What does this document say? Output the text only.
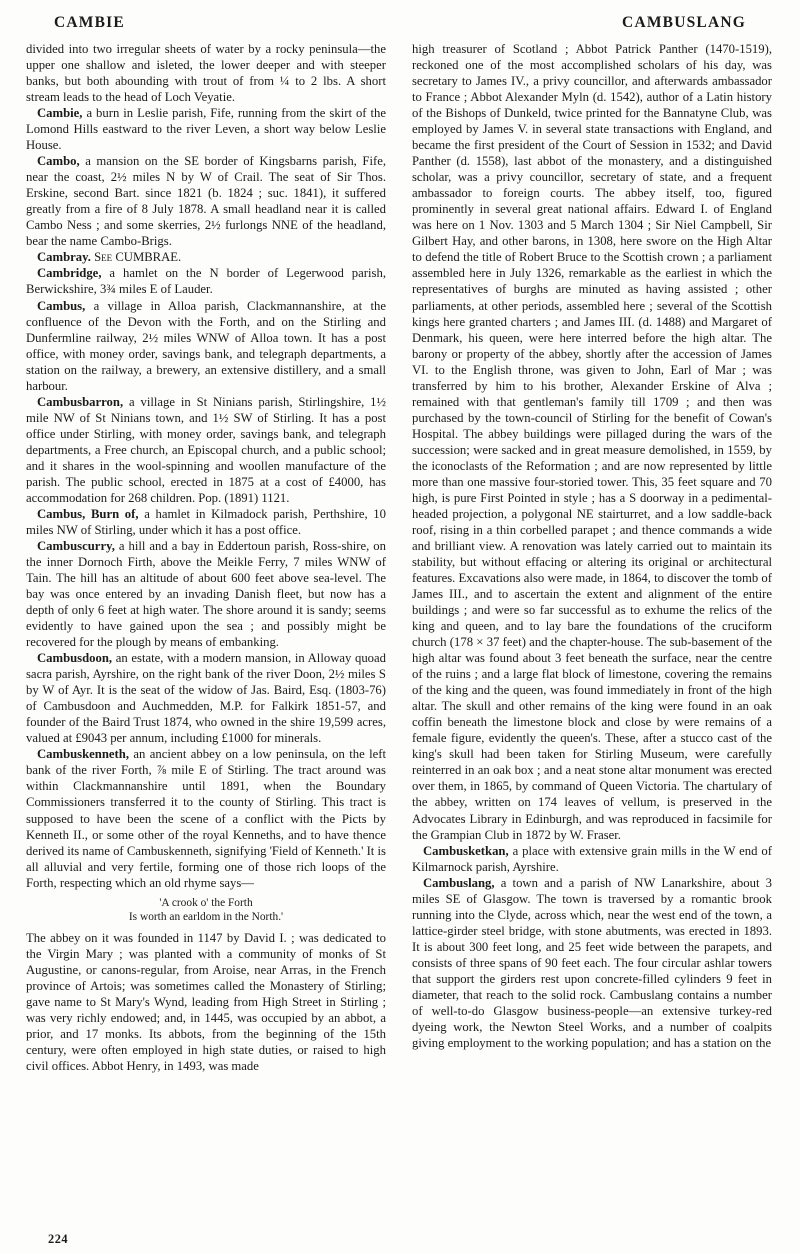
CAMBIE	CAMBUSLANG

divided into two irregular sheets of water by a rocky peninsula—the upper one shallow and isleted, the lower deeper and with steeper banks, but both abounding with trout of from ¼ to 2 lbs. A short stream leads to the head of Loch Veyatie.

Cambie, a burn in Leslie parish, Fife, running from the skirt of the Lomond Hills eastward to the river Leven, a short way below Leslie House.

Cambo, a mansion on the SE border of Kingsbarns parish, Fife, near the coast, 2½ miles N by W of Crail. The seat of Sir Thos. Erskine, second Bart. since 1821 (b. 1824 ; suc. 1841), it suffered greatly from a fire of 8 July 1878. A small headland near it is called Cambo Ness ; and some skerries, 2½ furlongs NNE of the headland, bear the name Cambo-Brigs.

Cambray. See CUMBRAE.

Cambridge, a hamlet on the N border of Legerwood parish, Berwickshire, 3¾ miles E of Lauder.

Cambus, a village in Alloa parish, Clackmannanshire, at the confluence of the Devon with the Forth, and on the Stirling and Dunfermline railway, 2½ miles WNW of Alloa town. It has a post office, with money order, savings bank, and telegraph departments, a station on the railway, a brewery, an extensive distillery, and a small harbour.

Cambusbarron, a village in St Ninians parish, Stirlingshire, 1½ mile NW of St Ninians town, and 1½ SW of Stirling. It has a post office under Stirling, with money order, savings bank, and telegraph departments, a Free church, an Episcopal church, and a public school; and it shares in the wool-spinning and woollen manufacture of the parish. The public school, erected in 1875 at a cost of £4000, has accommodation for 268 children. Pop. (1891) 1121.

Cambus, Burn of, a hamlet in Kilmadock parish, Perthshire, 10 miles NW of Stirling, under which it has a post office.

Cambuscurry, a hill and a bay in Eddertoun parish, Ross-shire, on the inner Dornoch Firth, above the Meikle Ferry, 7 miles WNW of Tain. The hill has an altitude of about 600 feet above sea-level. The bay was once entered by an invading Danish fleet, but now has a depth of only 6 feet at high water. The shore around it is sandy; seems evidently to have gained upon the sea ; and possibly might be recovered for the plough by means of embanking.

Cambusdoon, an estate, with a modern mansion, in Alloway quoad sacra parish, Ayrshire, on the right bank of the river Doon, 2½ miles S by W of Ayr. It is the seat of the widow of Jas. Baird, Esq. (1803-76) of Cambusdoon and Auchmedden, M.P. for Falkirk 1851-57, and founder of the Baird Trust 1874, who owned in the shire 19,599 acres, valued at £9043 per annum, including £1000 for minerals.

Cambuskenneth, an ancient abbey on a low peninsula, on the left bank of the river Forth, ⅞ mile E of Stirling. The tract around was within Clackmannanshire until 1891, when the Boundary Commissioners transferred it to the county of Stirling. This tract is supposed to have been the scene of a conflict with the Picts by Kenneth II., or some other of the royal Kenneths, and to have thence derived its name of Cambuskenneth, signifying 'Field of Kenneth.' It is all alluvial and very fertile, forming one of those rich loops of the Forth, respecting which an old rhyme says—

'A crook o' the Forth
Is worth an earldom in the North.'

The abbey on it was founded in 1147 by David I. ; was dedicated to the Virgin Mary ; was planted with a community of monks of St Augustine, or canons-regular, from Aroise, near Arras, in the French province of Artois; was sometimes called the Monastery of Stirling; gave name to St Mary's Wynd, leading from High Street in Stirling ; was very richly endowed; and, in 1445, was occupied by an abbot, a prior, and 17 monks. Its abbots, from the beginning of the 15th century, were often employed in high state duties, or raised to high civil offices. Abbot Henry, in 1493, was made

high treasurer of Scotland ; Abbot Patrick Panther (1470-1519), reckoned one of the most accomplished scholars of his day, was secretary to James IV., a privy councillor, and afterwards ambassador to France ; Abbot Alexander Myln (d. 1542), author of a Latin history of the Bishops of Dunkeld, twice printed for the Bannatyne Club, was employed by James V. in several state transactions with England, and became the first president of the Court of Session in 1532; and David Panther (d. 1558), last abbot of the monastery, and a distinguished scholar, was a privy councillor, secretary of state, and a frequent ambassador to foreign courts. The abbey itself, too, figured prominently in several great national affairs. Edward I. of England was here on 1 Nov. 1303 and 5 March 1304 ; Sir Niel Campbell, Sir Gilbert Hay, and other barons, in 1308, here swore on the High Altar to defend the title of Robert Bruce to the Scottish crown ; a parliament assembled here in July 1326, remarkable as the earliest in which the representatives of burghs are minuted as having assisted ; other parliaments, at other periods, assembled here ; several of the Scottish kings here granted charters ; and James III. (d. 1488) and Margaret of Denmark, his queen, were here interred before the high altar. The barony or property of the abbey, shortly after the accession of James VI. to the English throne, was given to John, Earl of Mar ; was transferred by him to his brother, Alexander Erskine of Alva ; remained with that gentleman's family till 1709 ; and then was purchased by the town-council of Stirling for the benefit of Cowan's Hospital. The abbey buildings were pillaged during the wars of the succession; were sacked and in great measure demolished, in 1559, by the iconoclasts of the Reformation ; and are now represented by little more than one massive four-storied tower. This, 35 feet square and 70 high, is pure First Pointed in style ; has a S doorway in a pedimental-headed projection, a polygonal NE stairturret, and a low saddle-back roof, rising in a thin corbelled parapet ; and thence commands a wide and brilliant view. A renovation was lately carried out to maintain its stability, but without effacing or altering its original or architectural features. Excavations also were made, in 1864, to discover the tomb of James III., and to ascertain the extent and alignment of the entire buildings ; and were so far successful as to exhume the relics of the king and queen, and to lay bare the foundations of the cruciform church (178 × 37 feet) and the chapter-house. The sub-basement of the high altar was found about 3 feet beneath the surface, near the centre of the ruins ; and a large flat block of limestone, covering the remains of the king and the queen, was found immediately in front of the high altar. The skull and other remains of the king were found in an oak coffin beneath the limestone block and close by were remains of a female figure, evidently the queen's. These, after a stucco cast of the king's skull had been taken for Stirling Museum, were carefully reinterred in an oak box ; and a neat stone altar monument was erected over them, in 1865, by command of Queen Victoria. The chartulary of the abbey, written on 174 leaves of vellum, is preserved in the Advocates Library in Edinburgh, and was reproduced in facsimile for the Grampian Club in 1872 by W. Fraser.

Cambusketkan, a place with extensive grain mills in the W end of Kilmarnock parish, Ayrshire.

Cambuslang, a town and a parish of NW Lanarkshire, about 3 miles SE of Glasgow. The town is traversed by a romantic brook running into the Clyde, across which, near the west end of the town, a lattice-girder steel bridge, with stone abutments, was erected in 1893. It is about 300 feet long, and 25 feet wide between the parapets, and consists of three spans of 90 feet each. The four circular ashlar towers that support the girders rest upon concrete-filled cylinders 9 feet in diameter, that reach to the solid rock. Cambuslang contains a number of well-to-do Glasgow business-people—an extensive turkey-red dyeing work, the Newton Steel Works, and a number of coalpits giving employment to the working population; and has a station on the

224
